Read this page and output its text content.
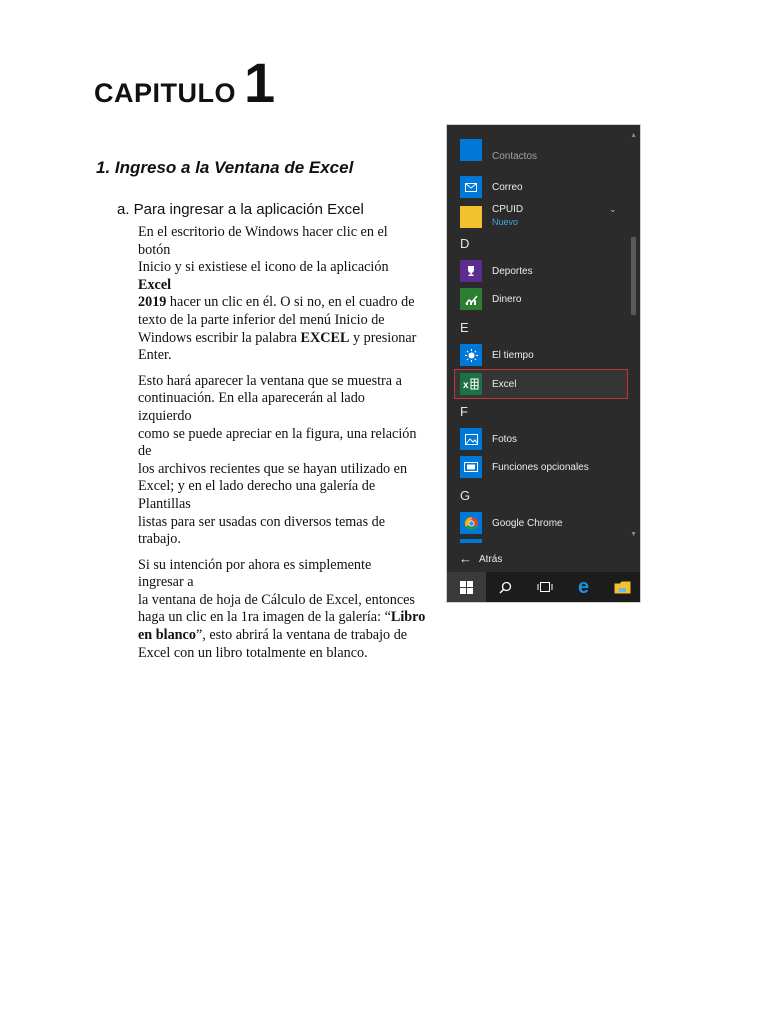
CAPITULO 1
1. Ingreso a la Ventana de Excel
a. Para ingresar a la aplicación Excel
En el escritorio de Windows hacer clic en el
botón
Inicio y si existiese el icono de la aplicación
Excel
2019 hacer un clic en él. O si no, en el cuadro de
texto de la parte inferior del menú Inicio de
Windows escribir la palabra EXCEL y presionar
Enter.
Esto hará aparecer la ventana que se muestra a
continuación. En ella aparecerán al lado
izquierdo
como se puede apreciar en la figura, una relación
de
los archivos recientes que se hayan utilizado en
Excel; y en el lado derecho una galería de
Plantillas
listas para ser usadas con diversos temas de
trabajo.
Si su intención por ahora es simplemente
ingresar a
la ventana de hoja de Cálculo de Excel, entonces
haga un clic en la 1ra imagen de la galería: “Libro
en blanco”, esto abrirá la ventana de trabajo de
Excel con un libro totalmente en blanco.
Contactos
Correo
CPUID
Nuevo
⌄
D
Deportes
Dinero
E
El tiempo
x Excel
F
Fotos
Funciones opcionales
G
Google Chrome
← Atrás
▲
▼
e
